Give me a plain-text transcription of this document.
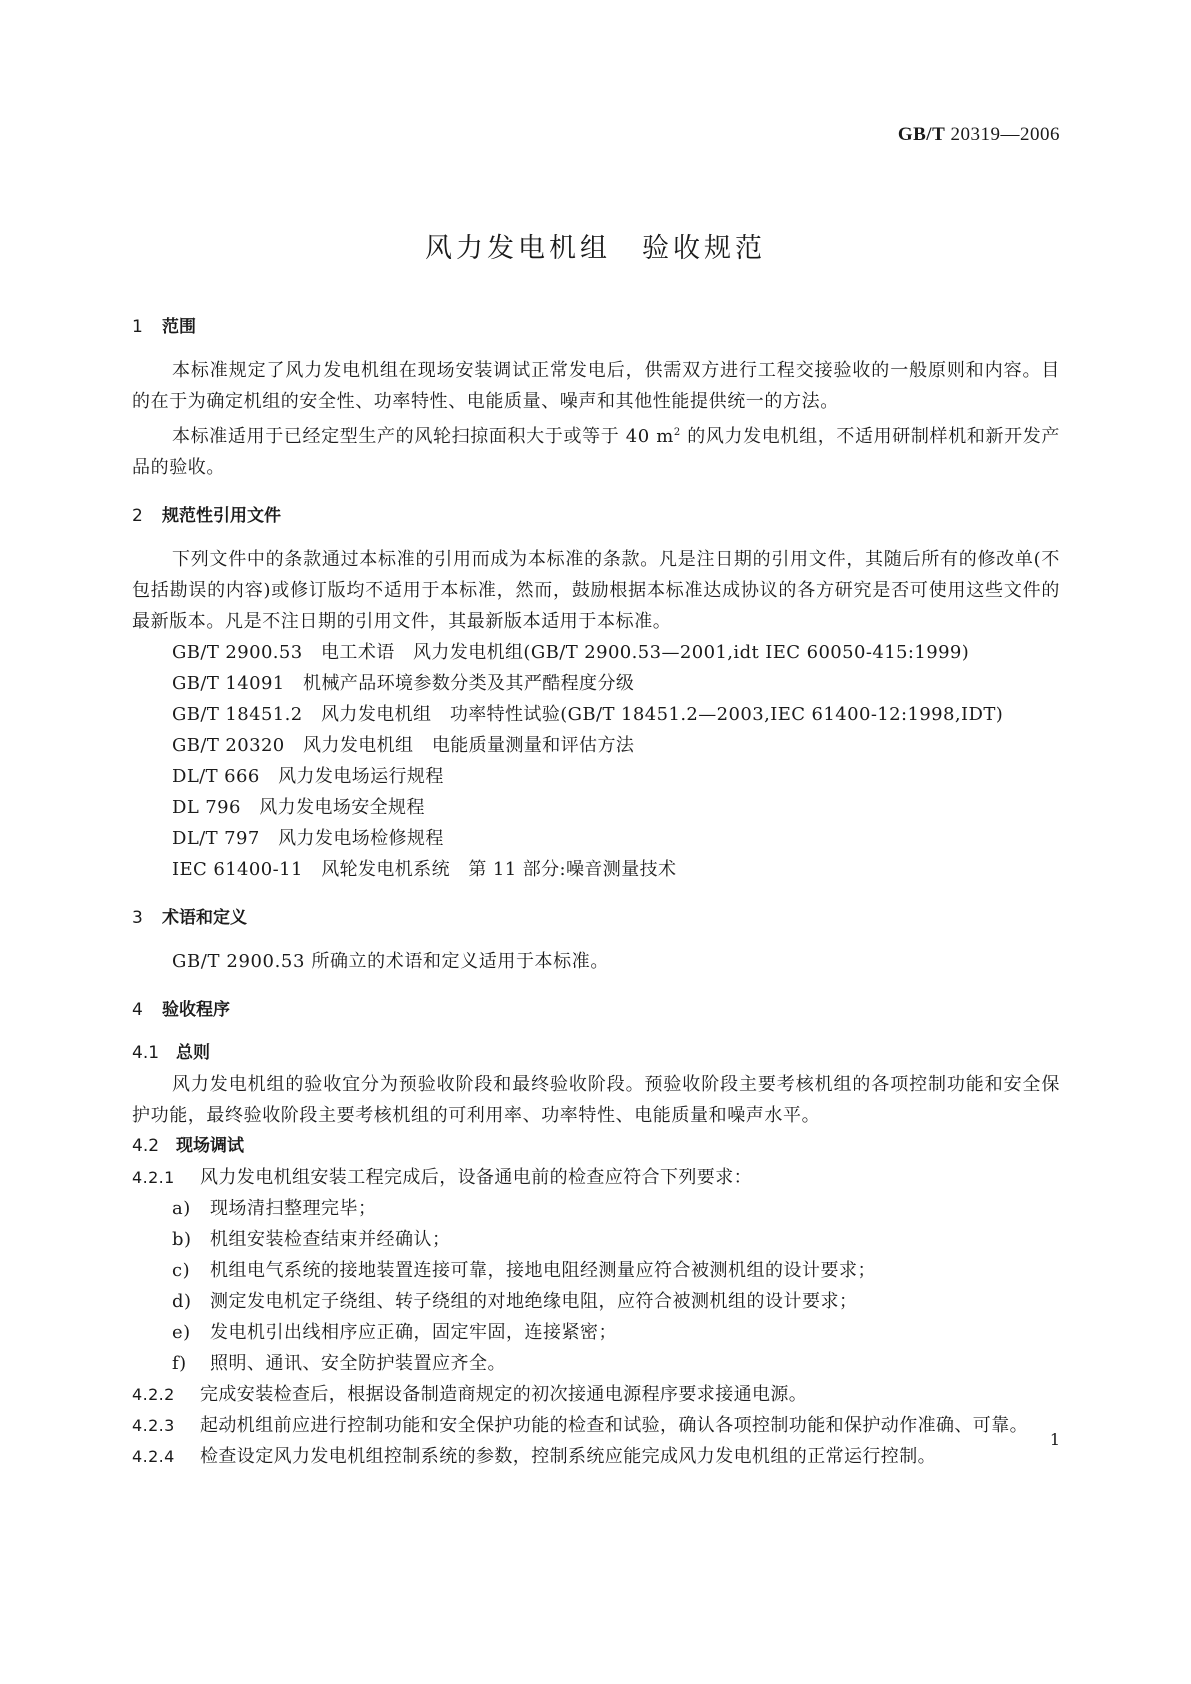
GB/T 20319—2006
风力发电机组　验收规范
1 范围

本标准规定了风力发电机组在现场安装调试正常发电后，供需双方进行工程交接验收的一般原则和内容。目的在于为确定机组的安全性、功率特性、电能质量、噪声和其他性能提供统一的方法。

本标准适用于已经定型生产的风轮扫掠面积大于或等于 40 $m^2$ 的风力发电机组，不适用研制样机和新开发产品的验收。

2 规范性引用文件

下列文件中的条款通过本标准的引用而成为本标准的条款。凡是注日期的引用文件，其随后所有的修改单(不包括勘误的内容)或修订版均不适用于本标准，然而，鼓励根据本标准达成协议的各方研究是否可使用这些文件的最新版本。凡是不注日期的引用文件，其最新版本适用于本标准。

GB/T 2900.53　电工术语　风力发电机组(GB/T 2900.53—2001,idt IEC 60050-415:1999)

GB/T 14091　机械产品环境参数分类及其严酷程度分级

GB/T 18451.2　风力发电机组　功率特性试验(GB/T 18451.2—2003,IEC 61400-12:1998,IDT)

GB/T 20320　风力发电机组　电能质量测量和评估方法

DL/T 666　风力发电场运行规程

DL 796　风力发电场安全规程

DL/T 797　风力发电场检修规程

IEC 61400-11　风轮发电机系统　第 11 部分:噪音测量技术

3 术语和定义

GB/T 2900.53 所确立的术语和定义适用于本标准。

4 验收程序
4.1 总则

风力发电机组的验收宜分为预验收阶段和最终验收阶段。预验收阶段主要考核机组的各项控制功能和安全保护功能，最终验收阶段主要考核机组的可利用率、功率特性、电能质量和噪声水平。

4.2 现场调试

4.2.1 风力发电机组安装工程完成后，设备通电前的检查应符合下列要求：

a) 现场清扫整理完毕；

b) 机组安装检查结束并经确认；

c) 机组电气系统的接地装置连接可靠，接地电阻经测量应符合被测机组的设计要求；

d) 测定发电机定子绕组、转子绕组的对地绝缘电阻，应符合被测机组的设计要求；

e) 发电机引出线相序应正确，固定牢固，连接紧密；

f) 照明、通讯、安全防护装置应齐全。

4.2.2 完成安装检查后，根据设备制造商规定的初次接通电源程序要求接通电源。

4.2.3 起动机组前应进行控制功能和安全保护功能的检查和试验，确认各项控制功能和保护动作准确、可靠。

4.2.4 检查设定风力发电机组控制系统的参数，控制系统应能完成风力发电机组的正常运行控制。

1
